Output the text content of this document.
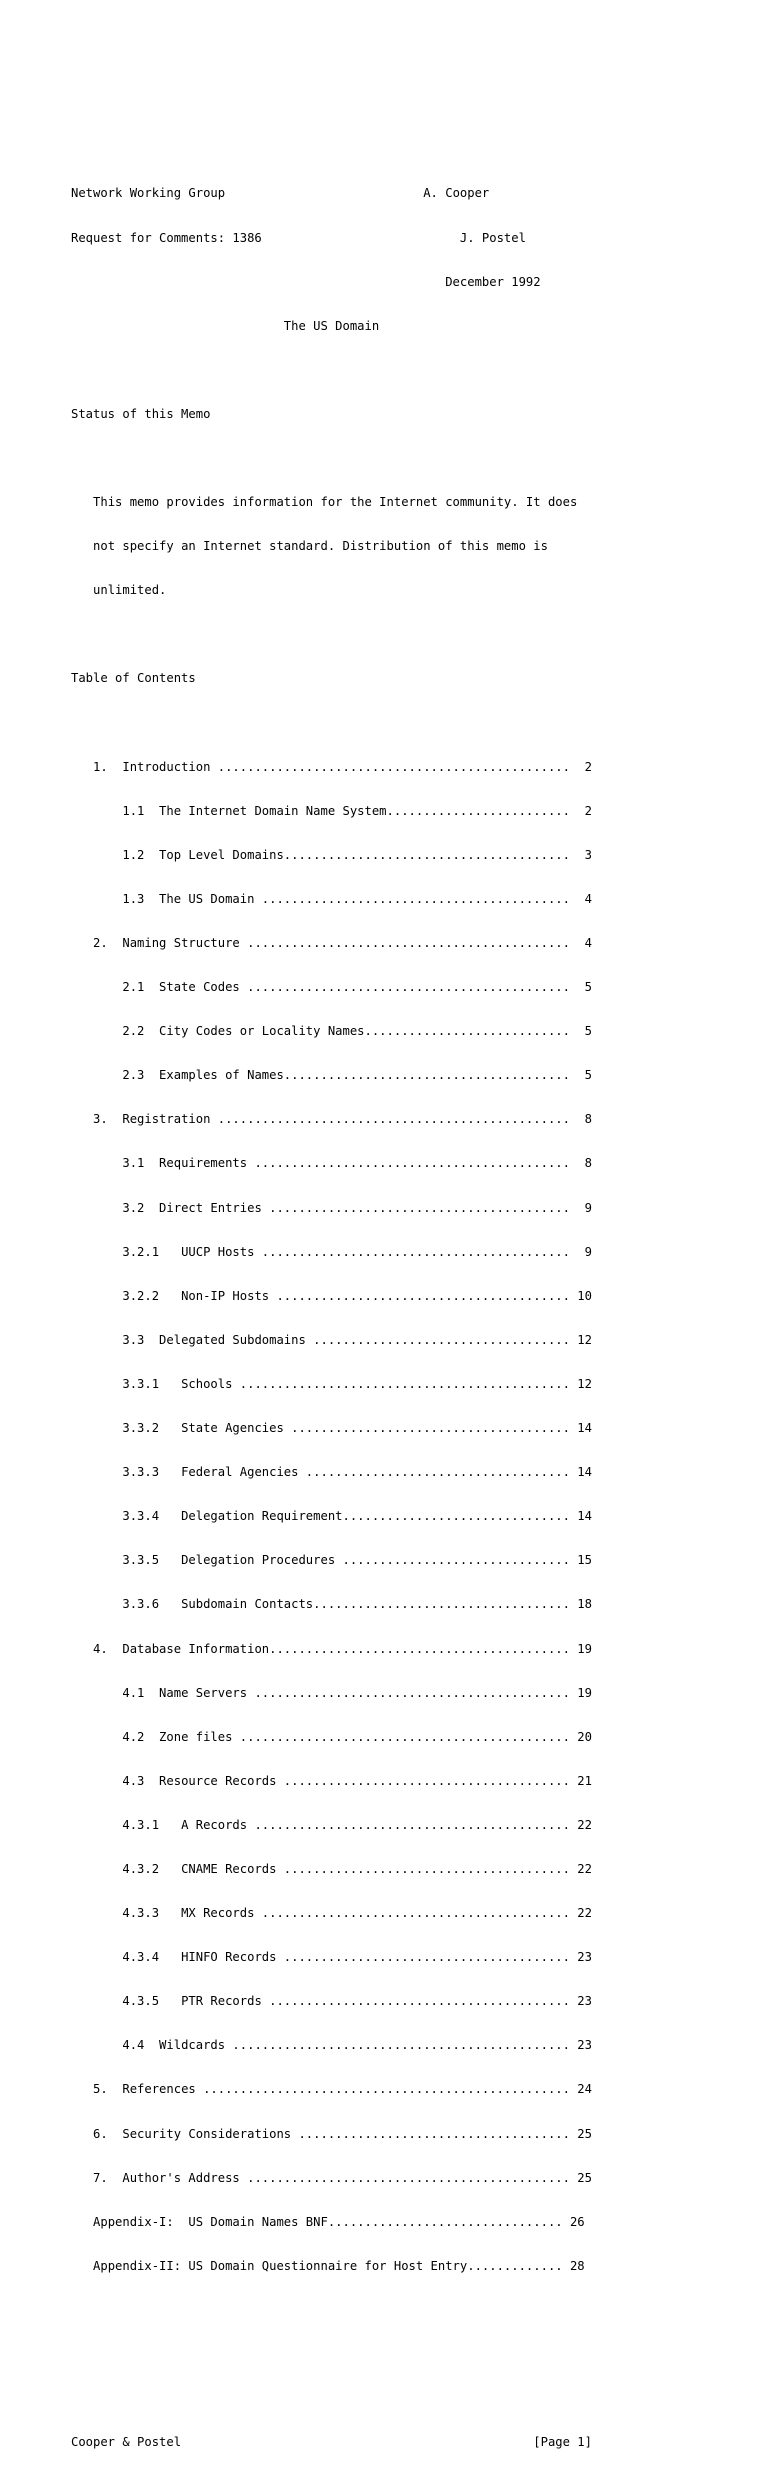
Network Working Group	A. Cooper

Request for Comments: 1386	J. Postel

December 1992

The US Domain

Status of this Memo

This memo provides information for the Internet community. It does

not specify an Internet standard. Distribution of this memo is

unlimited.

Table of Contents

1.  Introduction ................................................  2

1.1  The Internet Domain Name System.........................  2

1.2  Top Level Domains.......................................  3

1.3  The US Domain ..........................................  4

2.  Naming Structure ............................................  4

2.1  State Codes ............................................  5

2.2  City Codes or Locality Names............................  5

2.3  Examples of Names.......................................  5

3.  Registration ................................................  8

3.1  Requirements ...........................................  8

3.2  Direct Entries .........................................  9

3.2.1   UUCP Hosts ..........................................  9

3.2.2   Non-IP Hosts ........................................ 10

3.3  Delegated Subdomains ................................... 12

3.3.1   Schools ............................................. 12

3.3.2   State Agencies ...................................... 14

3.3.3   Federal Agencies .................................... 14

3.3.4   Delegation Requirement............................... 14

3.3.5   Delegation Procedures ............................... 15

3.3.6   Subdomain Contacts................................... 18

4.  Database Information......................................... 19

4.1  Name Servers ........................................... 19

4.2  Zone files ............................................. 20

4.3  Resource Records ....................................... 21

4.3.1   A Records ........................................... 22

4.3.2   CNAME Records ....................................... 22

4.3.3   MX Records .......................................... 22

4.3.4   HINFO Records ....................................... 23

4.3.5   PTR Records ......................................... 23

4.4  Wildcards .............................................. 23

5.  References .................................................. 24

6.  Security Considerations ..................................... 25

7.  Author's Address ............................................ 25

Appendix-I:  US Domain Names BNF................................ 26

Appendix-II: US Domain Questionnaire for Host Entry............. 28

Cooper & Postel	[Page 1]
